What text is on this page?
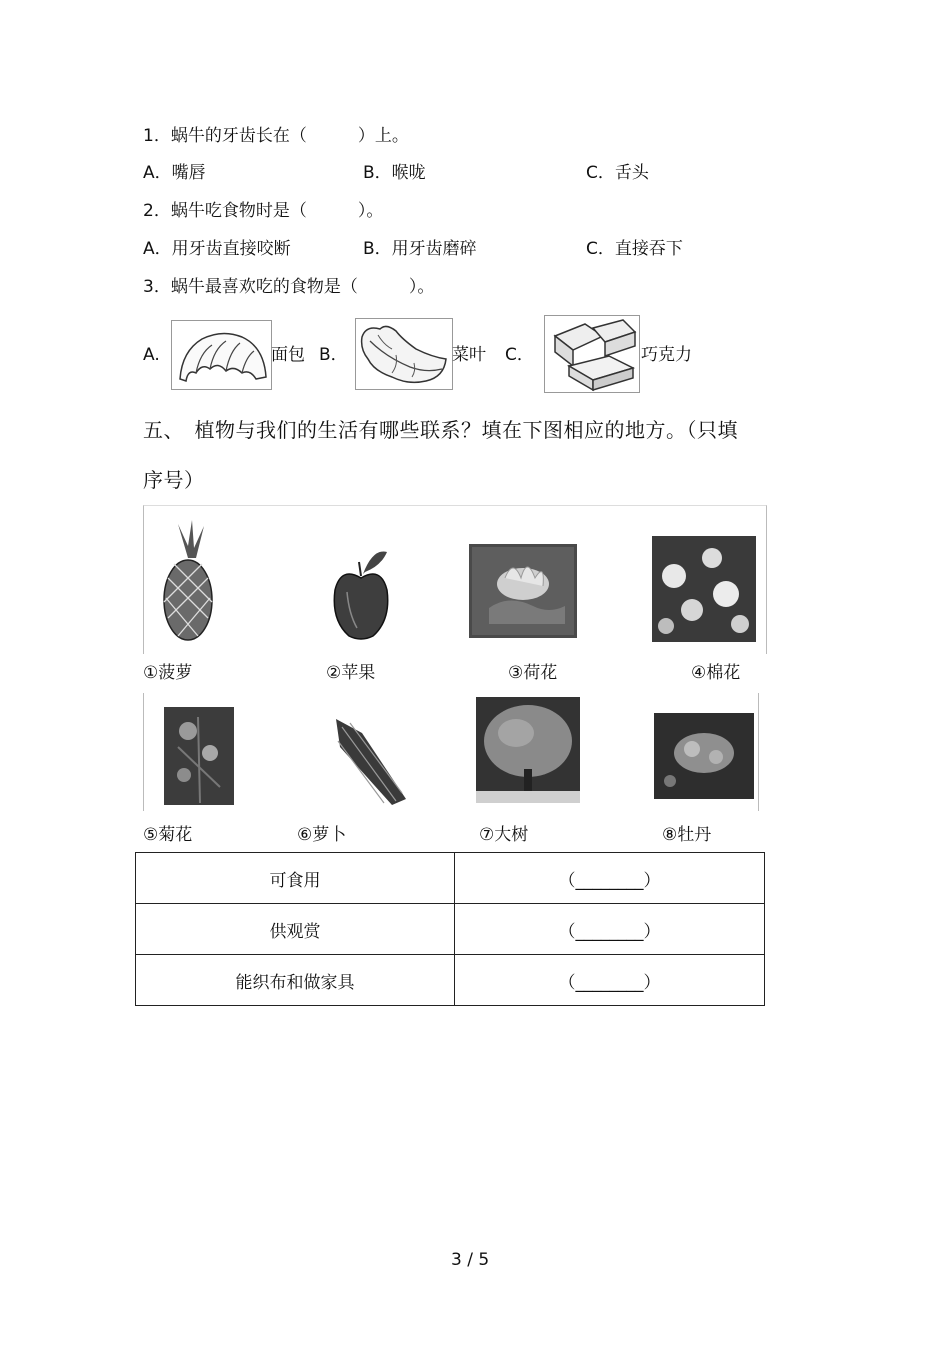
1．蜗牛的牙齿长在（　　　）上。
A．嘴唇	B．喉咙	C．舌头
2．蜗牛吃食物时是（　　　）。
A．用牙齿直接咬断	B．用牙齿磨碎	C．直接吞下
3．蜗牛最喜欢吃的食物是（　　　）。
A.	面包 B．	菜叶 C．	巧克力
五、　植物与我们的生活有哪些联系？填在下图相应的地方。（只填
序号）
①菠萝	②苹果	③荷花	④棉花
⑤菊花	⑥萝卜	⑦大树	⑧牡丹
可食用	（________）
供观赏	（________）
能织布和做家具	（________）
3 / 5
